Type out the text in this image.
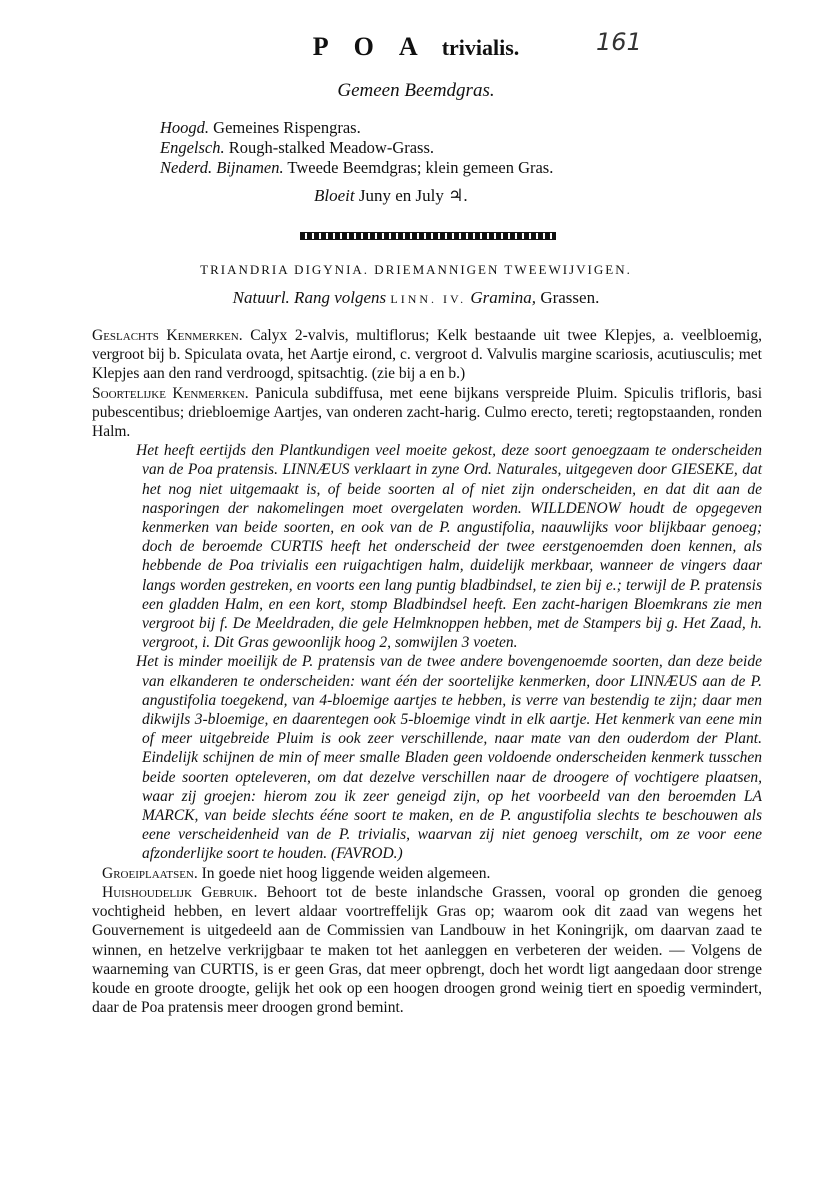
P O A trivialis.	161
Gemeen Beemdgras.
Hoogd. Gemeines Rispengras.
Engelsch. Rough-stalked Meadow-Grass.
Nederd. Bijnamen. Tweede Beemdgras; klein gemeen Gras.
Bloeit Juny en July ♃.
TRIANDRIA DIGYNIA. DRIEMANNIGEN TWEEWIJVIGEN.
Natuurl. Rang volgens LINN. IV. Gramina, Grassen.

Geslachts Kenmerken. Calyx 2-valvis, multiflorus; Kelk bestaande uit twee Klepjes, a. veelbloemig, vergroot bij b. Spiculata ovata, het Aartje eirond, c. vergroot d. Valvulis margine scariosis, acutiusculis; met Klepjes aan den rand verdroogd, spitsachtig. (zie bij a en b.)

Soortelijke Kenmerken. Panicula subdiffusa, met eene bijkans verspreide Pluim. Spiculis trifloris, basi pubescentibus; driebloemige Aartjes, van onderen zacht-harig. Culmo erecto, tereti; regtopstaanden, ronden Halm.

Het heeft eertijds den Plantkundigen veel moeite gekost, deze soort genoegzaam te onderscheiden van de Poa pratensis. LINNÆUS verklaart in zyne Ord. Naturales, uitgegeven door GIESEKE, dat het nog niet uitgemaakt is, of beide soorten al of niet zijn onderscheiden, en dat dit aan de nasporingen der nakomelingen moet overgelaten worden. WILLDENOW houdt de opgegeven kenmerken van beide soorten, en ook van de P. angustifolia, naauwlijks voor blijkbaar genoeg; doch de beroemde CURTIS heeft het onderscheid der twee eerstgenoemden doen kennen, als hebbende de Poa trivialis een ruigachtigen halm, duidelijk merkbaar, wanneer de vingers daar langs worden gestreken, en voorts een lang puntig bladbindsel, te zien bij e.; terwijl de P. pratensis een gladden Halm, en een kort, stomp Bladbindsel heeft. Een zacht-harigen Bloemkrans zie men vergroot bij f. De Meeldraden, die gele Helmknoppen hebben, met de Stampers bij g. Het Zaad, h. vergroot, i. Dit Gras gewoonlijk hoog 2, somwijlen 3 voeten.

Het is minder moeilijk de P. pratensis van de twee andere bovengenoemde soorten, dan deze beide van elkanderen te onderscheiden: want één der soortelijke kenmerken, door LINNÆUS aan de P. angustifolia toegekend, van 4-bloemige aartjes te hebben, is verre van bestendig te zijn; daar men dikwijls 3-bloemige, en daarentegen ook 5-bloemige vindt in elk aartje. Het kenmerk van eene min of meer uitgebreide Pluim is ook zeer verschillende, naar mate van den ouderdom der Plant. Eindelijk schijnen de min of meer smalle Bladen geen voldoende onderscheiden kenmerk tusschen beide soorten opteleveren, om dat dezelve verschillen naar de droogere of vochtigere plaatsen, waar zij groejen: hierom zou ik zeer geneigd zijn, op het voorbeeld van den beroemden LA MARCK, van beide slechts ééne soort te maken, en de P. angustifolia slechts te beschouwen als eene verscheidenheid van de P. trivialis, waarvan zij niet genoeg verschilt, om ze voor eene afzonderlijke soort te houden. (FAVROD.)

Groeiplaatsen. In goede niet hoog liggende weiden algemeen.

Huishoudelijk Gebruik. Behoort tot de beste inlandsche Grassen, vooral op gronden die genoeg vochtigheid hebben, en levert aldaar voortreffelijk Gras op; waarom ook dit zaad van wegens het Gouvernement is uitgedeeld aan de Commissien van Landbouw in het Koningrijk, om daarvan zaad te winnen, en hetzelve verkrijgbaar te maken tot het aanleggen en verbeteren der weiden. — Volgens de waarneming van CURTIS, is er geen Gras, dat meer opbrengt, doch het wordt ligt aangedaan door strenge koude en groote droogte, gelijk het ook op een hoogen droogen grond weinig tiert en spoedig vermindert, daar de Poa pratensis meer droogen grond bemint.
